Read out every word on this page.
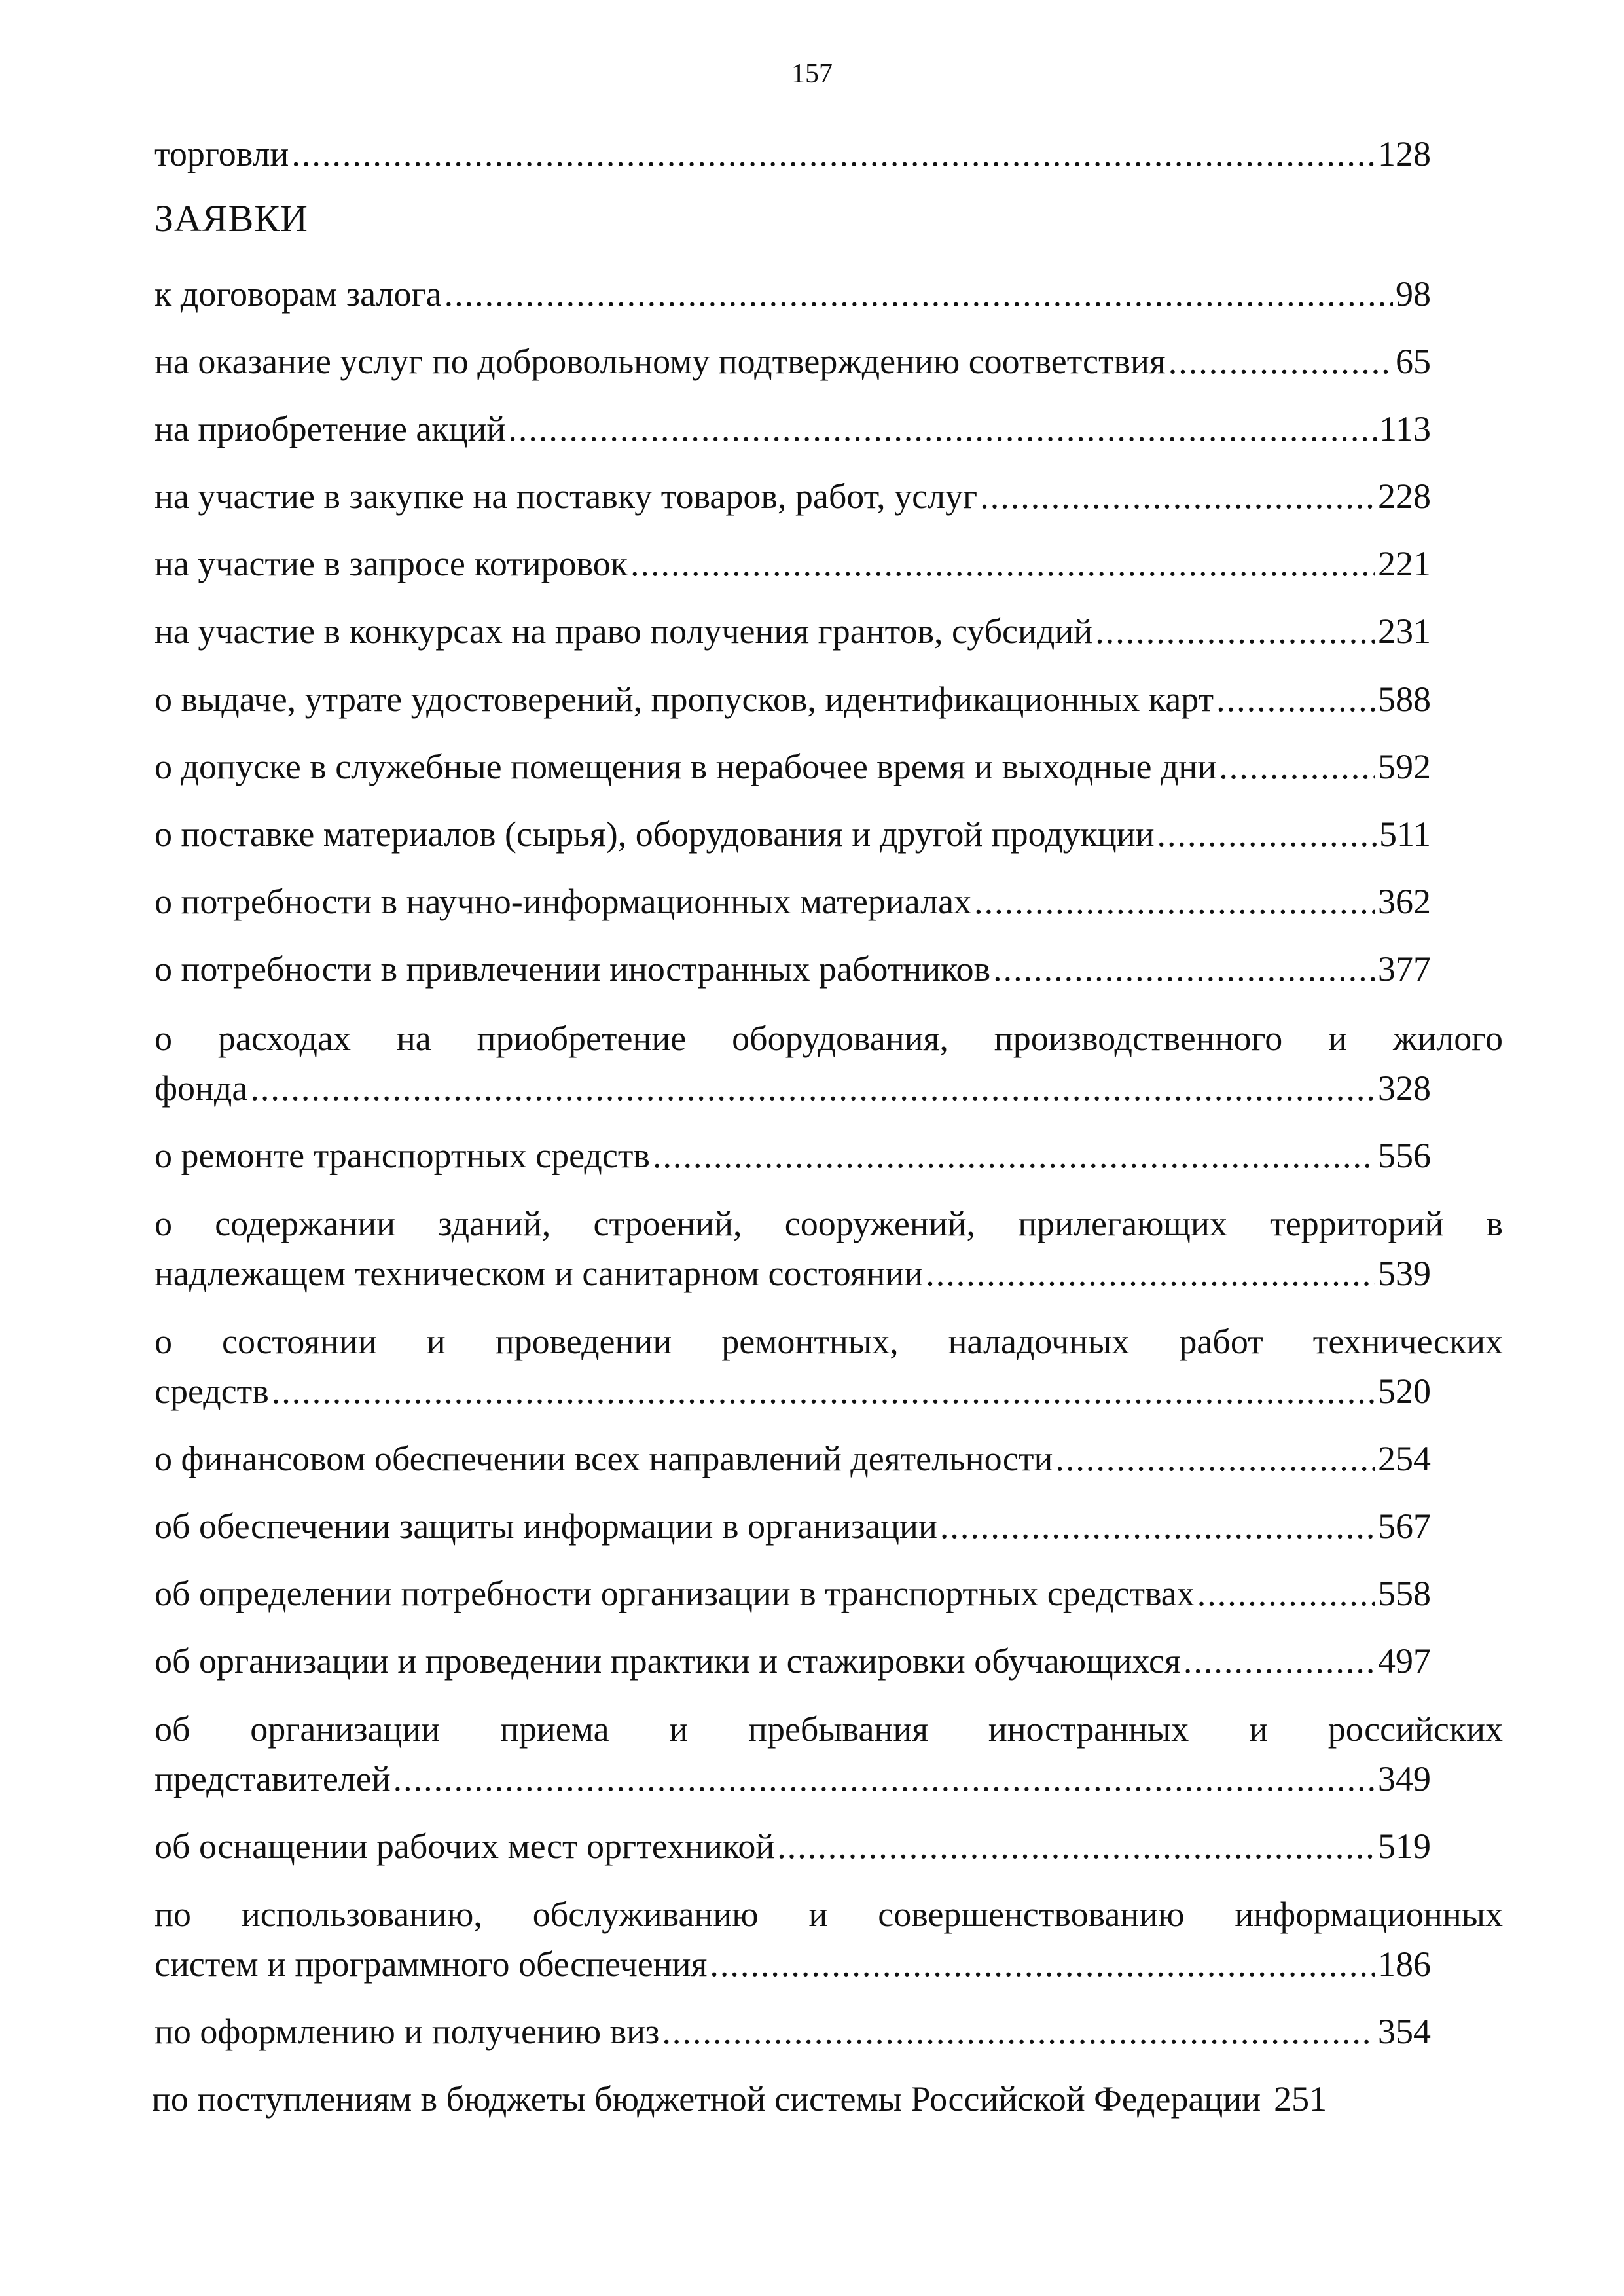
157
торговли .....	128
ЗАЯВКИ
к договорам залога .....	98
на оказание услуг по добровольному подтверждению соответствия .....	65
на приобретение акций .....	113
на участие в закупке на поставку товаров, работ, услуг .....	228
на участие в запросе котировок .....	221
на участие в конкурсах на право получения грантов, субсидий .....	231
о выдаче, утрате удостоверений, пропусков, идентификационных карт .....	588
о допуске в служебные помещения в нерабочее время и выходные дни .....	592
о поставке материалов (сырья), оборудования и другой продукции .....	511
о потребности в научно-информационных материалах .....	362
о потребности в привлечении иностранных работников .....	377
о расходах на приобретение оборудования, производственного и жилого
фонда .....	328
о ремонте транспортных средств .....	556
о содержании зданий, строений, сооружений, прилегающих территорий в
надлежащем техническом и санитарном состоянии .....	539
о состоянии и проведении ремонтных, наладочных работ технических
средств .....	520
о финансовом обеспечении всех направлений деятельности .....	254
об обеспечении защиты информации в организации .....	567
об определении потребности организации в транспортных средствах .....	558
об организации и проведении практики и стажировки обучающихся .....	497
об организации приема и пребывания иностранных и российских
представителей .....	349
об оснащении рабочих мест оргтехникой .....	519
по использованию, обслуживанию и совершенствованию информационных
систем и программного обеспечения .....	186
по оформлению и получению виз .....	354
по поступлениям в бюджеты бюджетной системы Российской Федерации 251
